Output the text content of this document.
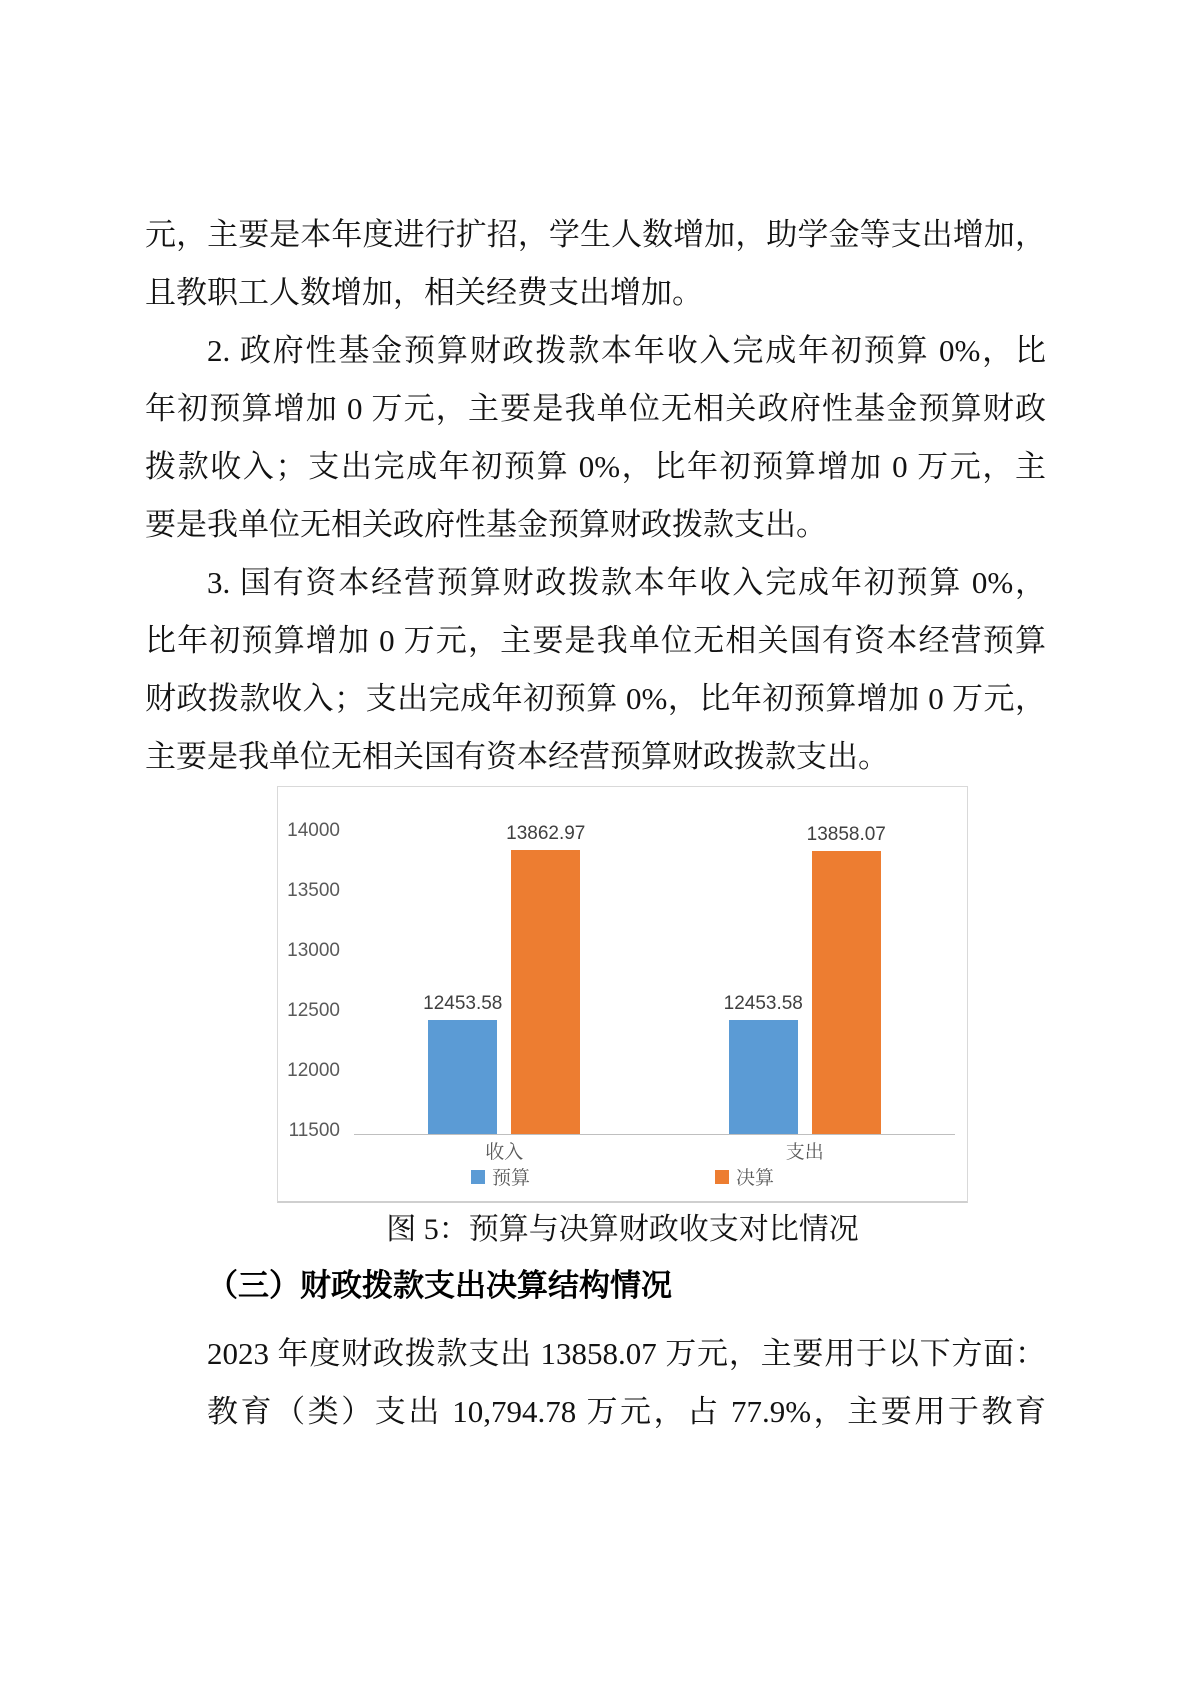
元，主要是本年度进行扩招，学生人数增加，助学金等支出增加，
且教职工人数增加，相关经费支出增加。
2. 政府性基金预算财政拨款本年收入完成年初预算 0%，比
年初预算增加 0 万元，主要是我单位无相关政府性基金预算财政
拨款收入；支出完成年初预算 0%，比年初预算增加 0 万元，主
要是我单位无相关政府性基金预算财政拨款支出。
3. 国有资本经营预算财政拨款本年收入完成年初预算 0%，
比年初预算增加 0 万元，主要是我单位无相关国有资本经营预算
财政拨款收入；支出完成年初预算 0%，比年初预算增加 0 万元，
主要是我单位无相关国有资本经营预算财政拨款支出。
14000
13500
13000
12500
12000
11500
12453.58
13862.97
12453.58
13858.07
收入	支出
预算	决算
图 5：预算与决算财政收支对比情况
（三）财政拨款支出决算结构情况
2023 年度财政拨款支出 13858.07 万元，主要用于以下方面：
教育（类）支出 10,794.78 万元，占 77.9%，主要用于教育
